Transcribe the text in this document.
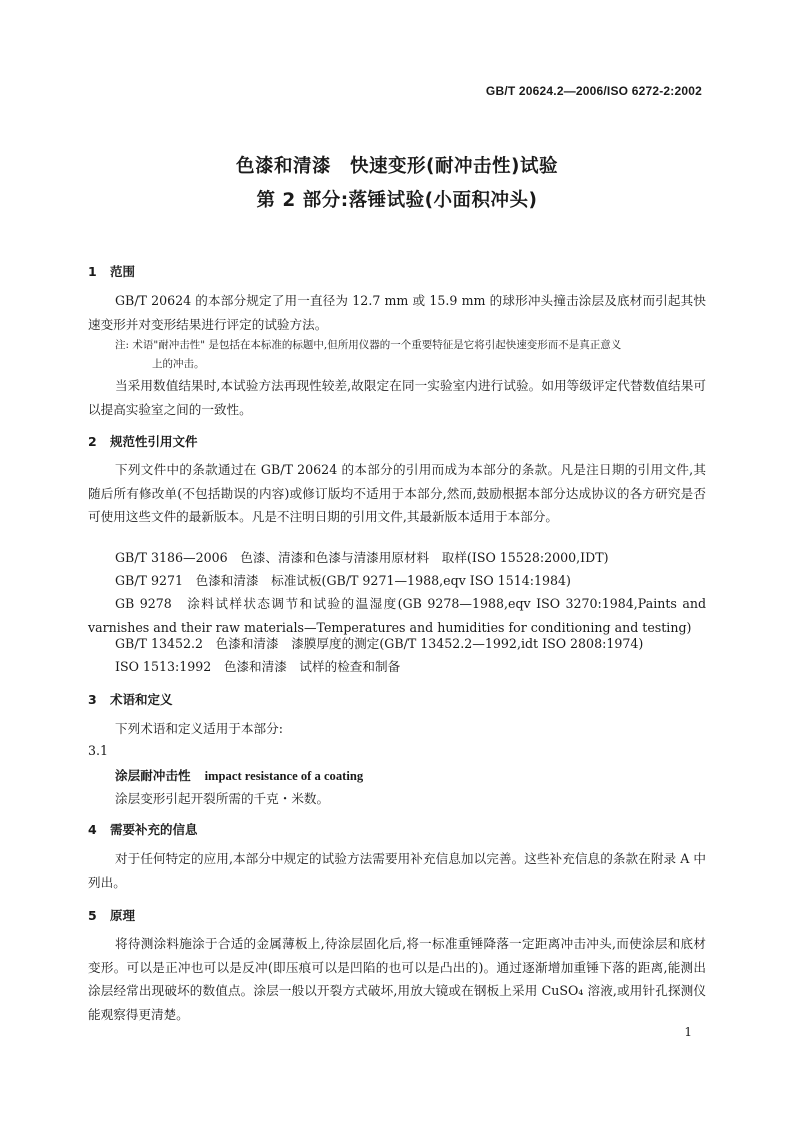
GB/T 20624.2—2006/ISO 6272-2:2002
色漆和清漆　快速变形(耐冲击性)试验
第 2 部分:落锤试验(小面积冲头)
1 范围
GB/T 20624 的本部分规定了用一直径为 12.7 mm 或 15.9 mm 的球形冲头撞击涂层及底材而引起其快速变形并对变形结果进行评定的试验方法。
注: 术语"耐冲击性" 是包括在本标准的标题中,但所用仪器的一个重要特征是它将引起快速变形而不是真正意义
上的冲击。
当采用数值结果时,本试验方法再现性较差,故限定在同一实验室内进行试验。如用等级评定代替数值结果可以提高实验室之间的一致性。
2 规范性引用文件
下列文件中的条款通过在 GB/T 20624 的本部分的引用而成为本部分的条款。凡是注日期的引用文件,其随后所有修改单(不包括勘误的内容)或修订版均不适用于本部分,然而,鼓励根据本部分达成协议的各方研究是否可使用这些文件的最新版本。凡是不注明日期的引用文件,其最新版本适用于本部分。
GB/T 3186—2006　色漆、清漆和色漆与清漆用原材料　取样(ISO 15528:2000,IDT)
GB/T 9271　色漆和清漆　标准试板(GB/T 9271—1988,eqv ISO 1514:1984)
GB 9278　涂料试样状态调节和试验的温湿度(GB 9278—1988,eqv ISO 3270:1984,Paints and varnishes and their raw materials—Temperatures and humidities for conditioning and testing)
GB/T 13452.2　色漆和清漆　漆膜厚度的测定(GB/T 13452.2—1992,idt ISO 2808:1974)
ISO 1513:1992　色漆和清漆　试样的检查和制备
3 术语和定义
下列术语和定义适用于本部分:
3.1
涂层耐冲击性 impact resistance of a coating
涂层变形引起开裂所需的千克・米数。
4 需要补充的信息
对于任何特定的应用,本部分中规定的试验方法需要用补充信息加以完善。这些补充信息的条款在附录 A 中列出。
5 原理
将待测涂料施涂于合适的金属薄板上,待涂层固化后,将一标准重锤降落一定距离冲击冲头,而使涂层和底材变形。可以是正冲也可以是反冲(即压痕可以是凹陷的也可以是凸出的)。通过逐渐增加重锤下落的距离,能测出涂层经常出现破坏的数值点。涂层一般以开裂方式破坏,用放大镜或在钢板上采用 CuSO₄ 溶液,或用针孔探测仪能观察得更清楚。
1
